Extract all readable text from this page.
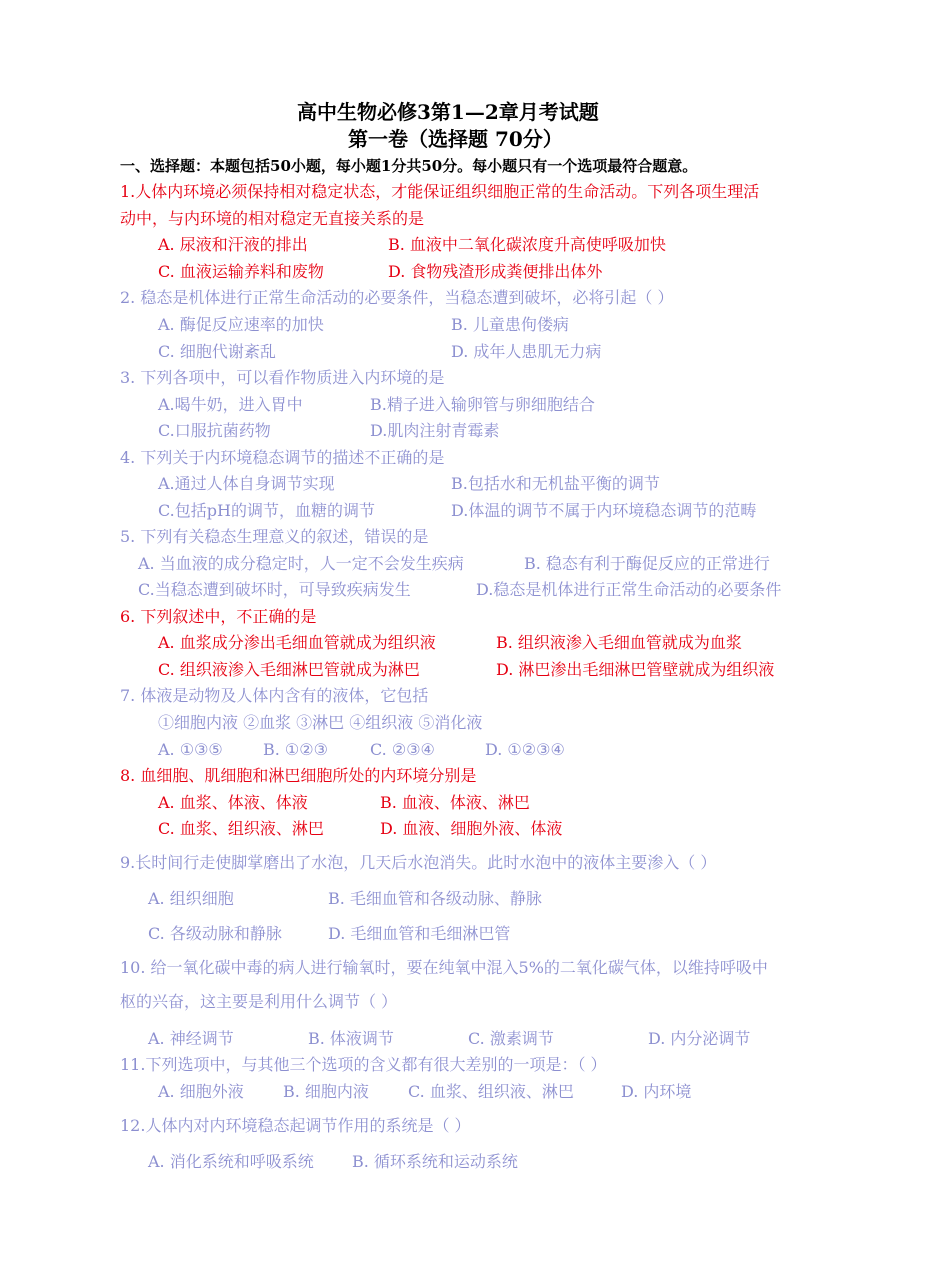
高中生物必修3第1—2章月考试题
第一卷（选择题 70分）
一、选择题：本题包括50小题，每小题1分共50分。每小题只有一个选项最符合题意。
1.人体内环境必须保持相对稳定状态，才能保证组织细胞正常的生命活动。下列各项生理活
动中，与内环境的相对稳定无直接关系的是
A. 尿液和汗液的排出	B. 血液中二氧化碳浓度升高使呼吸加快
C. 血液运输养料和废物	D. 食物残渣形成粪便排出体外
2. 稳态是机体进行正常生命活动的必要条件，当稳态遭到破坏，必将引起（ ）
A. 酶促反应速率的加快	B. 儿童患佝偻病
C. 细胞代谢紊乱	D. 成年人患肌无力病
3. 下列各项中，可以看作物质进入内环境的是
A.喝牛奶，进入胃中	B.精子进入输卵管与卵细胞结合
C.口服抗菌药物	D.肌肉注射青霉素
4. 下列关于内环境稳态调节的描述不正确的是
A.通过人体自身调节实现	B.包括水和无机盐平衡的调节
C.包括pH的调节，血糖的调节	D.体温的调节不属于内环境稳态调节的范畴
5. 下列有关稳态生理意义的叙述，错误的是
A. 当血液的成分稳定时，人一定不会发生疾病	B. 稳态有利于酶促反应的正常进行
C.当稳态遭到破坏时，可导致疾病发生	D.稳态是机体进行正常生命活动的必要条件
6. 下列叙述中，不正确的是
A. 血浆成分渗出毛细血管就成为组织液	B. 组织液渗入毛细血管就成为血浆
C. 组织液渗入毛细淋巴管就成为淋巴	D. 淋巴渗出毛细淋巴管壁就成为组织液
7. 体液是动物及人体内含有的液体，它包括
①细胞内液 ②血浆 ③淋巴 ④组织液 ⑤消化液
A. ①③⑤	B. ①②③	C. ②③④	D. ①②③④
8. 血细胞、肌细胞和淋巴细胞所处的内环境分别是
A. 血浆、体液、体液	B. 血液、体液、淋巴
C. 血浆、组织液、淋巴	D. 血液、细胞外液、体液
9.长时间行走使脚掌磨出了水泡，几天后水泡消失。此时水泡中的液体主要渗入（ ）
A. 组织细胞	B. 毛细血管和各级动脉、静脉
C. 各级动脉和静脉	D. 毛细血管和毛细淋巴管
10. 给一氧化碳中毒的病人进行输氧时，要在纯氧中混入5%的二氧化碳气体，以维持呼吸中
枢的兴奋，这主要是利用什么调节（ ）
A. 神经调节	B. 体液调节	C. 激素调节	D. 内分泌调节
11.下列选项中，与其他三个选项的含义都有很大差别的一项是：（ ）
A. 细胞外液 B. 细胞内液 C. 血浆、组织液、淋巴	D. 内环境
12.人体内对内环境稳态起调节作用的系统是（ ）
A. 消化系统和呼吸系统 B. 循环系统和运动系统
